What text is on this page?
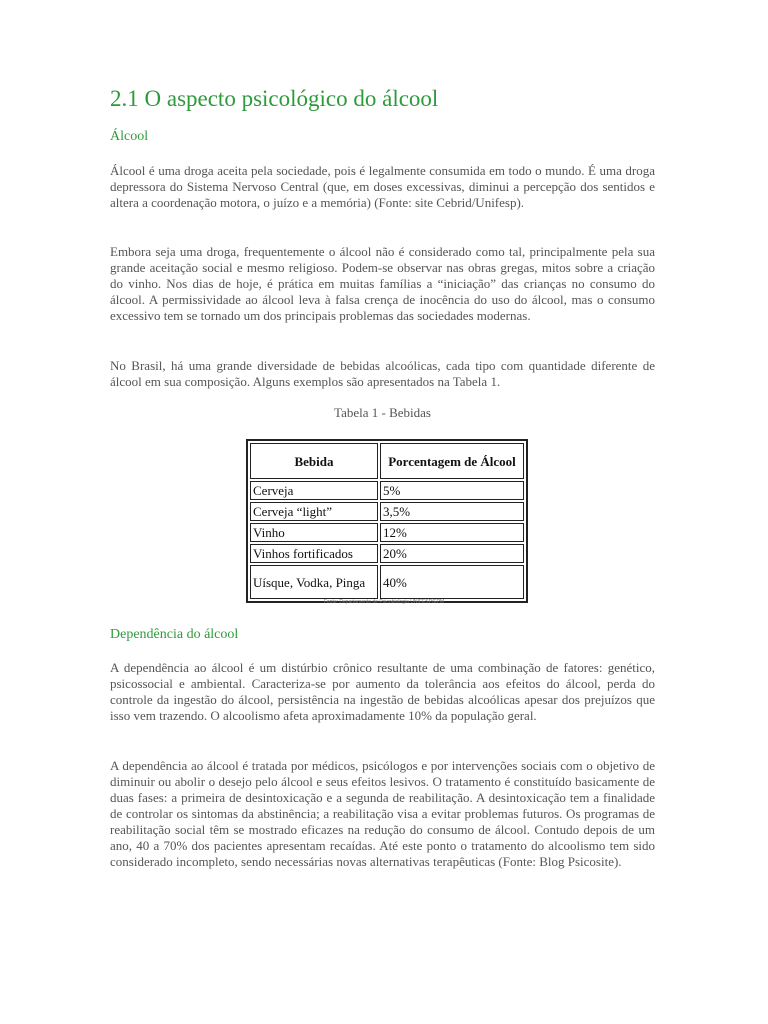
2.1 O aspecto psicológico do álcool
Álcool

Álcool é uma droga aceita pela sociedade, pois é legalmente consumida em todo o mundo. É uma droga depressora do Sistema Nervoso Central (que, em doses excessivas, diminui a percepção dos sentidos e altera a coordenação motora, o juízo e a memória) (Fonte: site Cebrid/Unifesp).

Embora seja uma droga, frequentemente o álcool não é considerado como tal, principalmente pela sua grande aceitação social e mesmo religioso. Podem-se observar nas obras gregas, mitos sobre a criação do vinho. Nos dias de hoje, é prática em muitas famílias a “iniciação” das crianças no consumo do álcool. A permissividade ao álcool leva à falsa crença de inocência do uso do álcool, mas o consumo excessivo tem se tornado um dos principais problemas das sociedades modernas.

No Brasil, há uma grande diversidade de bebidas alcoólicas, cada tipo com quantidade diferente de álcool em sua composição. Alguns exemplos são apresentados na Tabela 1.

Tabela 1 - Bebidas
Bebida	Porcentagem de Álcool
Cerveja	5%
Cerveja “light”	3,5%
Vinho	12%
Vinhos fortificados	20%
Uísque, Vodka, Pinga	40%
Fonte: Departamento de Psicobiologia UNIFESP/EPM
Dependência do álcool

A dependência ao álcool é um distúrbio crônico resultante de uma combinação de fatores: genético, psicossocial e ambiental. Caracteriza-se por aumento da tolerância aos efeitos do álcool, perda do controle da ingestão do álcool, persistência na ingestão de bebidas alcoólicas apesar dos prejuízos que isso vem trazendo. O alcoolismo afeta aproximadamente 10% da população geral.

A dependência ao álcool é tratada por médicos, psicólogos e por intervenções sociais com o objetivo de diminuir ou abolir o desejo pelo álcool e seus efeitos lesivos. O tratamento é constituído basicamente de duas fases: a primeira de desintoxicação e a segunda de reabilitação. A desintoxicação tem a finalidade de controlar os sintomas da abstinência; a reabilitação visa a evitar problemas futuros. Os programas de reabilitação social têm se mostrado eficazes na redução do consumo de álcool. Contudo depois de um ano, 40 a 70% dos pacientes apresentam recaídas. Até este ponto o tratamento do alcoolismo tem sido considerado incompleto, sendo necessárias novas alternativas terapêuticas (Fonte: Blog Psicosite).
